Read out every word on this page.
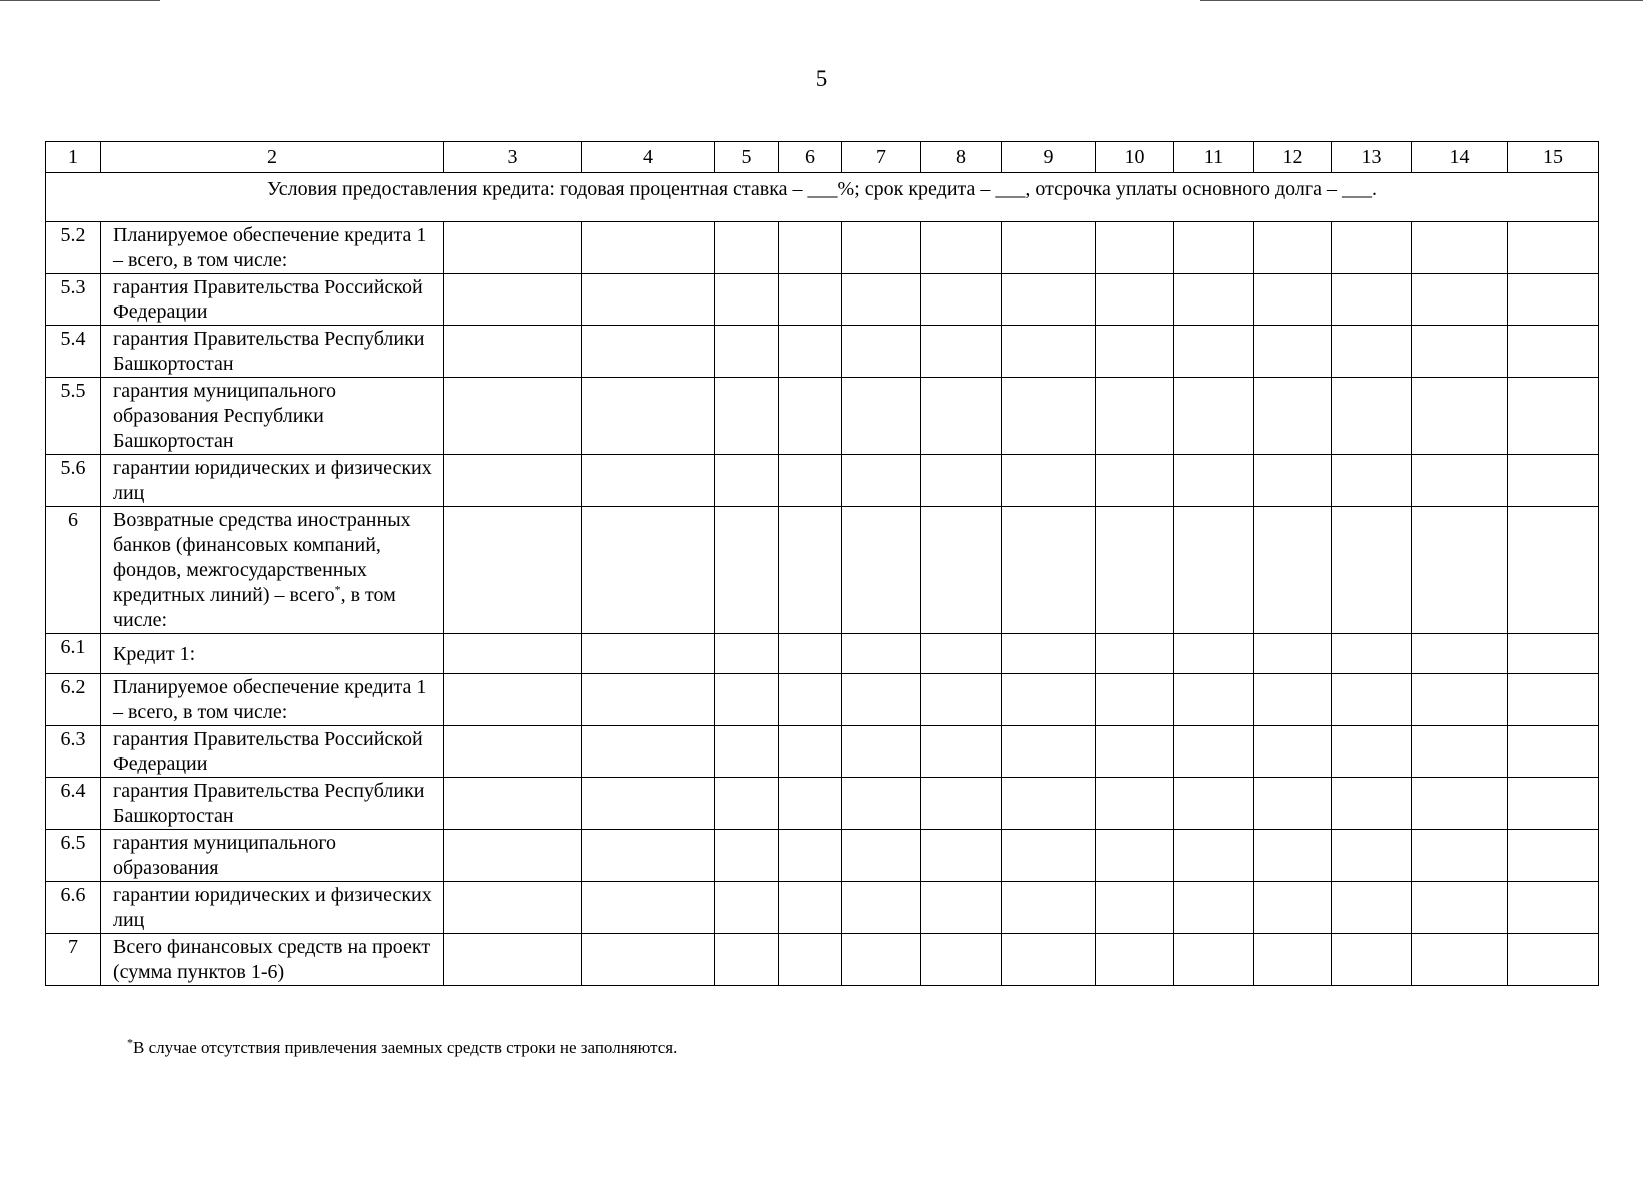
5
1	2	3	4	5	6	7	8	9	10	11	12	13	14	15
Условия предоставления кредита: годовая процентная ставка – ___%; срок кредита – ___, отсрочка уплаты основного долга – ___.														
5.2	Планируемое обеспечение кредита 1 – всего, в том числе:													
5.3	гарантия Правительства Российской Федерации													
5.4	гарантия Правительства Республики Башкортостан													
5.5	гарантия муниципального образования Республики Башкортостан													
5.6	гарантии юридических и физических лиц													
6	Возвратные средства иностранных банков (финансовых компаний, фондов, межгосударственных кредитных линий) – всего*, в том числе:													
6.1	Кредит 1:													
6.2	Планируемое обеспечение кредита 1 – всего, в том числе:													
6.3	гарантия Правительства Российской Федерации													
6.4	гарантия Правительства Республики Башкортостан													
6.5	гарантия муниципального образования													
6.6	гарантии юридических и физических лиц													
7	Всего финансовых средств на проект (сумма пунктов 1-6)													
*В случае отсутствия привлечения заемных средств строки не заполняются.
